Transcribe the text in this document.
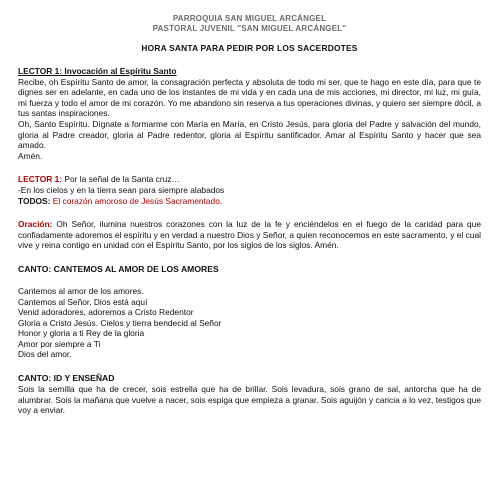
PARROQUIA SAN MIGUEL ARCÁNGEL
PASTORAL JUVENIL "SAN MIGUEL ARCÁNGEL"
HORA SANTA PARA PEDIR POR LOS SACERDOTES

LECTOR 1: Invocación al Espíritu Santo

Recibe, oh Espíritu Santo de amor, la consagración perfecta y absoluta de todo mi ser, que te hago en este día, para que te dignes ser en adelante, en cada uno de los instantes de mi vida y en cada una de mis acciones, mi director, mi luz, mi guía, mi fuerza y todo el amor de mi corazón. Yo me abandono sin reserva a tus operaciones divinas, y quiero ser siempre dócil, a tus santas inspiraciones.

Oh, Santo Espíritu. Dígnate a formarme con María en María, en Cristo Jesús, para gloria del Padre y salvación del mundo, gloria al Padre creador, gloria al Padre redentor, gloria al Espíritu santificador. Amar al Espíritu Santo y hacer que sea amado.

Amén.

LECTOR 1: Por la señal de la Santa cruz…

-En los cielos y en la tierra sean para siempre alabados

TODOS: El corazón amoroso de Jesús Sacramentado.

Oración: Oh Señor, ilumina nuestros corazones con la luz de la fe y enciéndelos en el fuego de la caridad para que confiadamente adoremos el espíritu y en verdad a nuestro Dios y Señor, a quien reconocemos en este sacramento, y el cual vive y reina contigo en unidad con el Espíritu Santo, por los siglos de los siglos. Amén.

CANTO: CANTEMOS AL AMOR DE LOS AMORES

Cantemos al amor de los amores.

Cantemos al Señor, Dios está aquí

Venid adoradores, adoremos a Cristo Redentor

Gloria a Cristo Jesús. Cielos y tierra bendecid al Señor

Honor y gloria a ti Rey de la gloria

Amor por siempre a Ti

Dios del amor.

CANTO: ID Y ENSEÑAD

Sois la semilla que ha de crecer, sois estrella que ha de brillar. Sois levadura, sois grano de sal, antorcha que ha de alumbrar. Sois la mañana que vuelve a nacer, sois espiga que empieza a granar. Sois aguijón y caricia a lo vez, testigos que voy a enviar.
